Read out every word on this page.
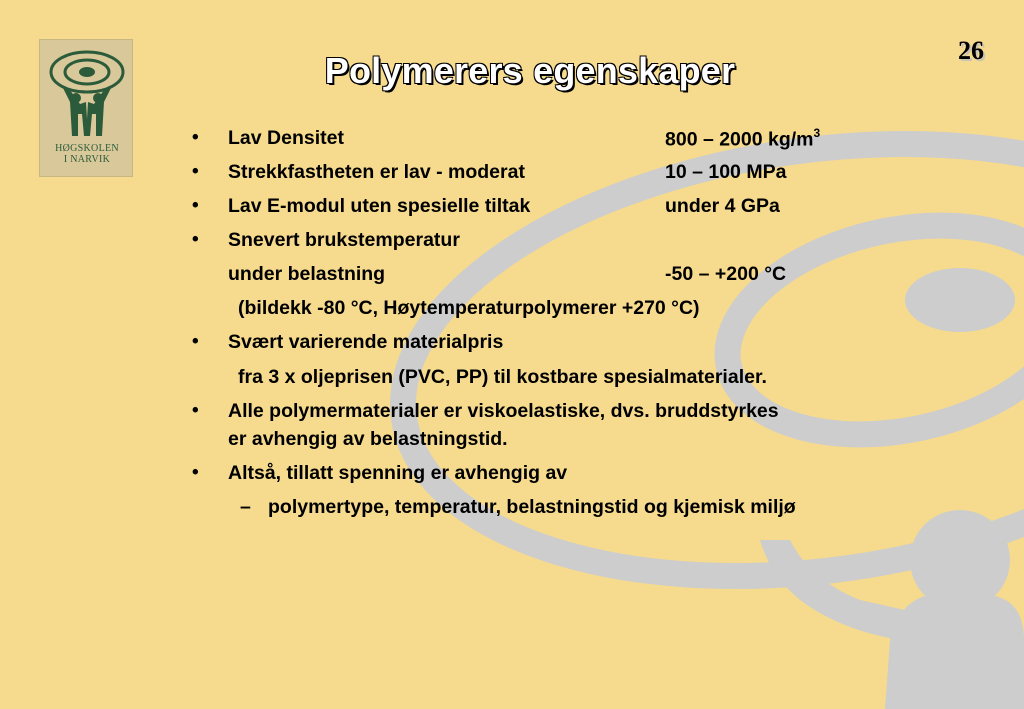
HØGSKOLEN
I NARVIK
26
Polymerers egenskaper
• Lav Densitet	800 – 2000 $kg/m^3$
• Strekkfastheten er lav - moderat	10 – 100 MPa
• Lav E-modul uten spesielle tiltak	under 4 GPa
• Snevert brukstemperatur
under belastning	-50 – +200 °C
(bildekk -80 °C, Høytemperaturpolymerer +270 °C)
• Svært varierende materialpris
fra 3 x oljeprisen (PVC, PP) til kostbare spesialmaterialer.
• Alle polymermaterialer er viskoelastiske, dvs. bruddstyrkes
er avhengig av belastningstid.
• Altså, tillatt spenning er avhengig av
– polymertype, temperatur, belastningstid og kjemisk miljø
